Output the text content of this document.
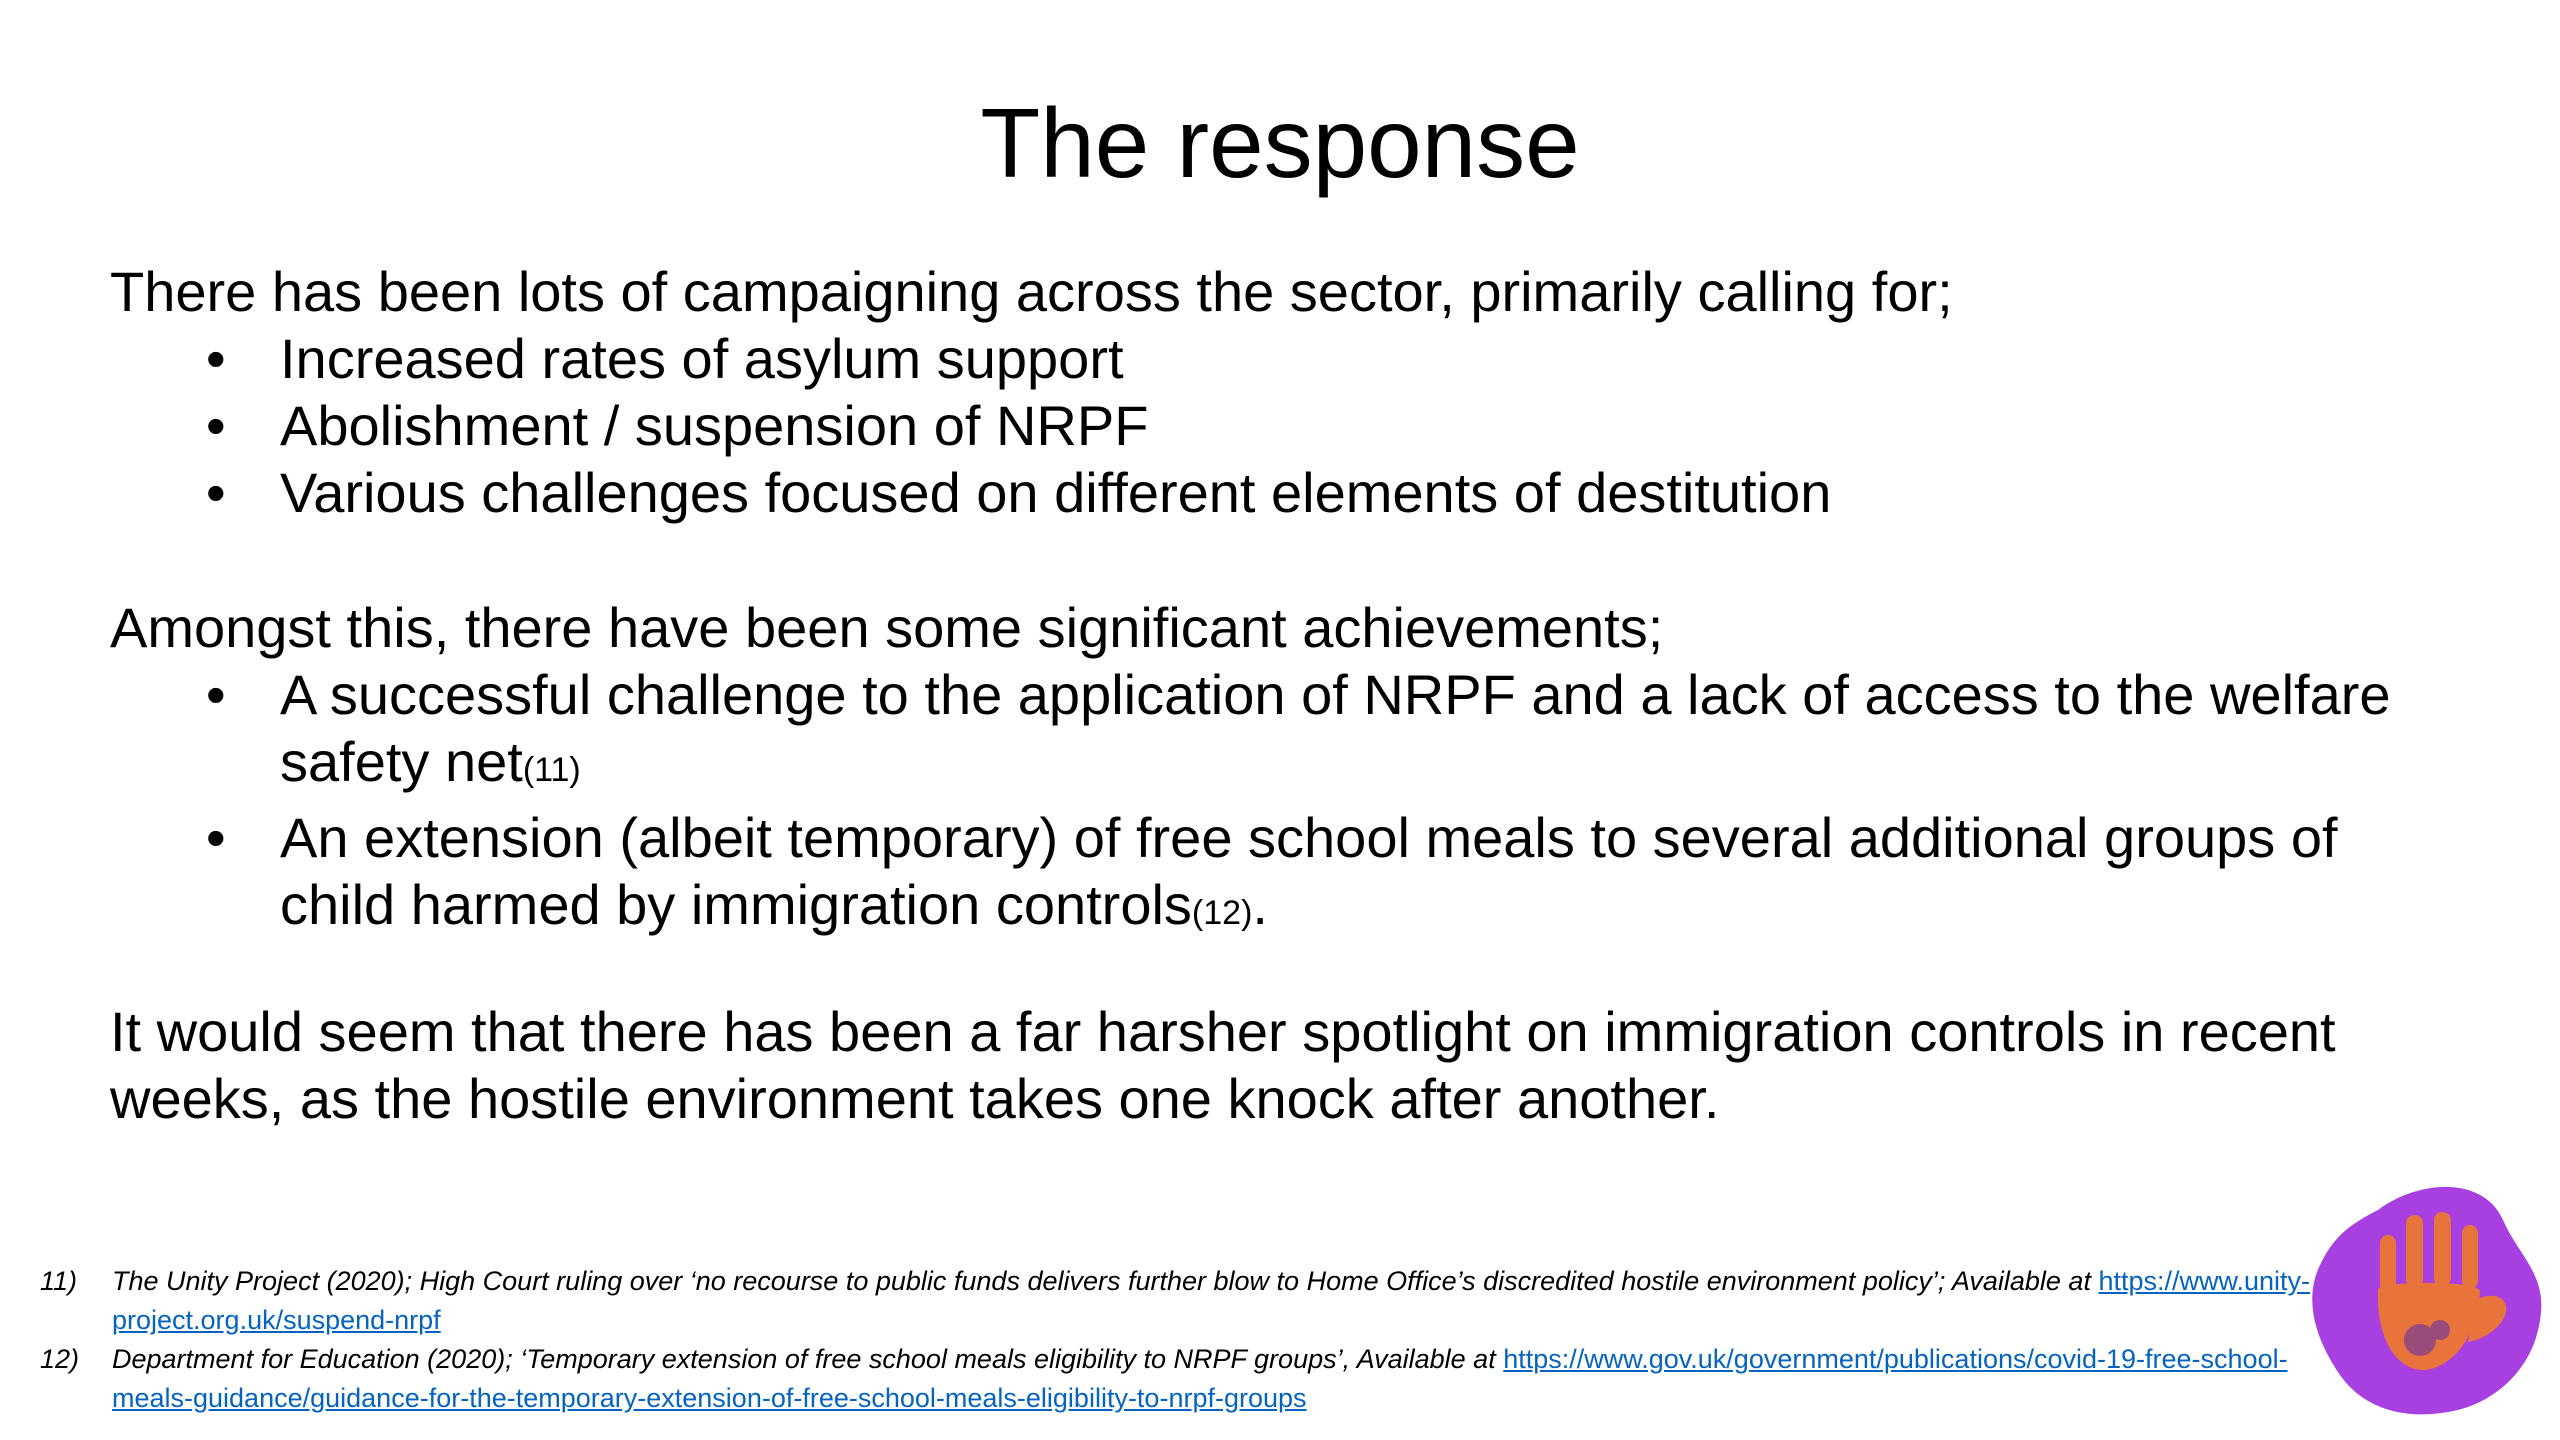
The response
There has been lots of campaigning across the sector, primarily calling for;
• Increased rates of asylum support
• Abolishment / suspension of NRPF
• Various challenges focused on different elements of destitution
Amongst this, there have been some significant achievements;
• A successful challenge to the application of NRPF and a lack of access to the welfare safety net(11)
• An extension (albeit temporary) of free school meals to several additional groups of child harmed by immigration controls(12).
It would seem that there has been a far harsher spotlight on immigration controls in recent weeks, as the hostile environment takes one knock after another.
11) The Unity Project (2020); High Court ruling over ‘no recourse to public funds delivers further blow to Home Office’s discredited hostile environment policy’; Available at https://www.unity-project.org.uk/suspend-nrpf
12) Department for Education (2020); ‘Temporary extension of free school meals eligibility to NRPF groups’, Available at https://www.gov.uk/government/publications/covid-19-free-school-meals-guidance/guidance-for-the-temporary-extension-of-free-school-meals-eligibility-to-nrpf-groups
